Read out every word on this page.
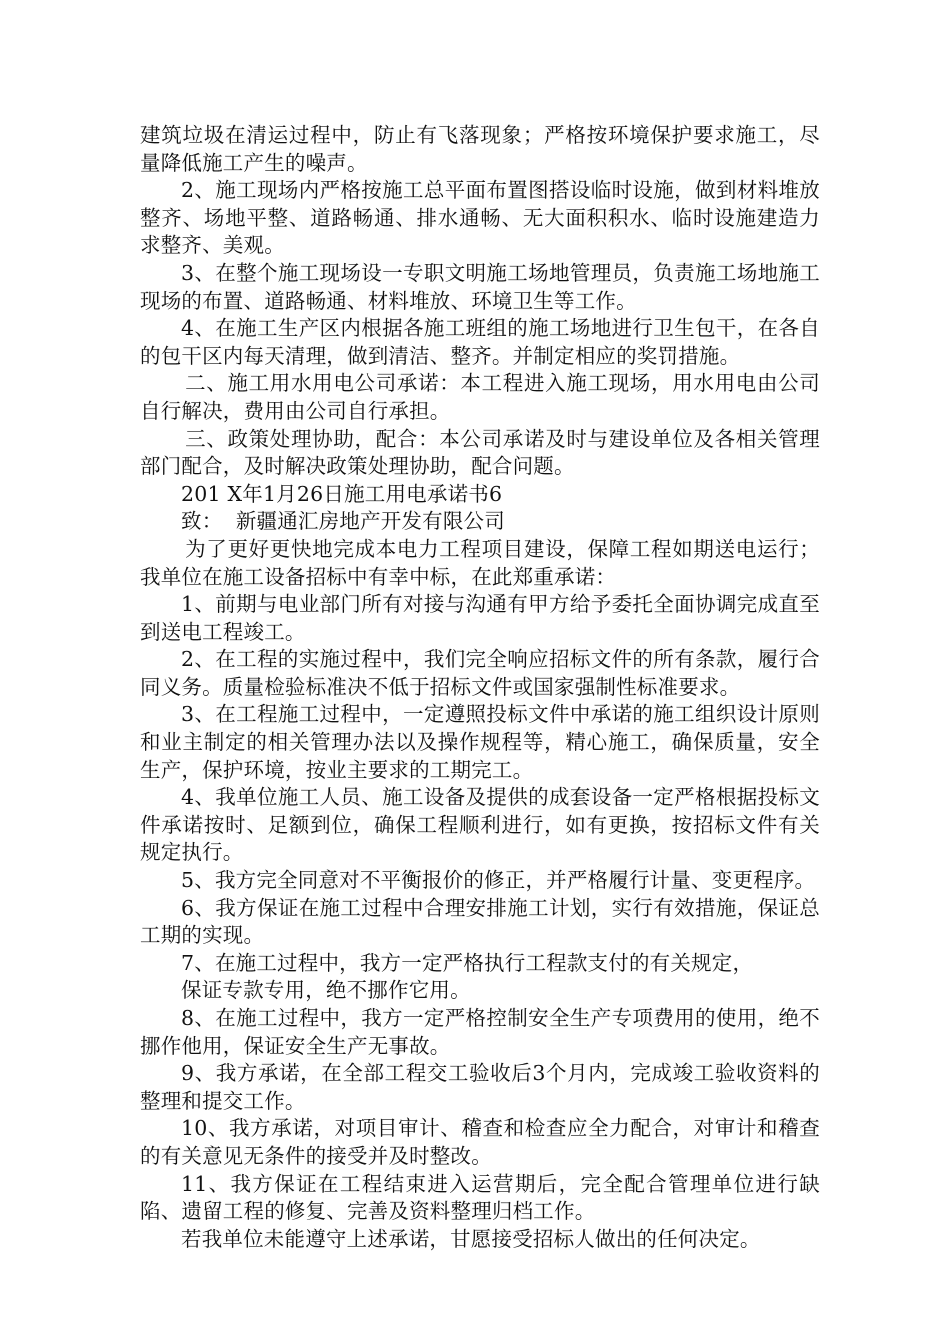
建筑垃圾在清运过程中，防止有飞落现象；严格按环境保护要求施工，尽量降低施工产生的噪声。

2、施工现场内严格按施工总平面布置图搭设临时设施，做到材料堆放整齐、场地平整、道路畅通、排水通畅、无大面积积水、临时设施建造力求整齐、美观。

3、在整个施工现场设一专职文明施工场地管理员，负责施工场地施工现场的布置、道路畅通、材料堆放、环境卫生等工作。

4、在施工生产区内根据各施工班组的施工场地进行卫生包干，在各自的包干区内每天清理，做到清洁、整齐。并制定相应的奖罚措施。

二、施工用水用电公司承诺：本工程进入施工现场，用水用电由公司自行解决，费用由公司自行承担。

三、政策处理协助，配合：本公司承诺及时与建设单位及各相关管理部门配合，及时解决政策处理协助，配合问题。

201 X年1月26日施工用电承诺书6

致：  新疆通汇房地产开发有限公司

为了更好更快地完成本电力工程项目建设，保障工程如期送电运行；我单位在施工设备招标中有幸中标，在此郑重承诺：

1、前期与电业部门所有对接与沟通有甲方给予委托全面协调完成直至到送电工程竣工。

2、在工程的实施过程中，我们完全响应招标文件的所有条款，履行合同义务。质量检验标准决不低于招标文件或国家强制性标准要求。

3、在工程施工过程中，一定遵照投标文件中承诺的施工组织设计原则和业主制定的相关管理办法以及操作规程等，精心施工，确保质量，安全生产，保护环境，按业主要求的工期完工。

4、我单位施工人员、施工设备及提供的成套设备一定严格根据投标文件承诺按时、足额到位，确保工程顺利进行，如有更换，按招标文件有关规定执行。

5、我方完全同意对不平衡报价的修正，并严格履行计量、变更程序。

6、我方保证在施工过程中合理安排施工计划，实行有效措施，保证总工期的实现。

7、在施工过程中，我方一定严格执行工程款支付的有关规定，

保证专款专用，绝不挪作它用。

8、在施工过程中，我方一定严格控制安全生产专项费用的使用，绝不挪作他用，保证安全生产无事故。

9、我方承诺，在全部工程交工验收后3个月内，完成竣工验收资料的整理和提交工作。

10、我方承诺，对项目审计、稽查和检查应全力配合，对审计和稽查的有关意见无条件的接受并及时整改。

11、我方保证在工程结束进入运营期后，完全配合管理单位进行缺陷、遗留工程的修复、完善及资料整理归档工作。

若我单位未能遵守上述承诺，甘愿接受招标人做出的任何决定。
